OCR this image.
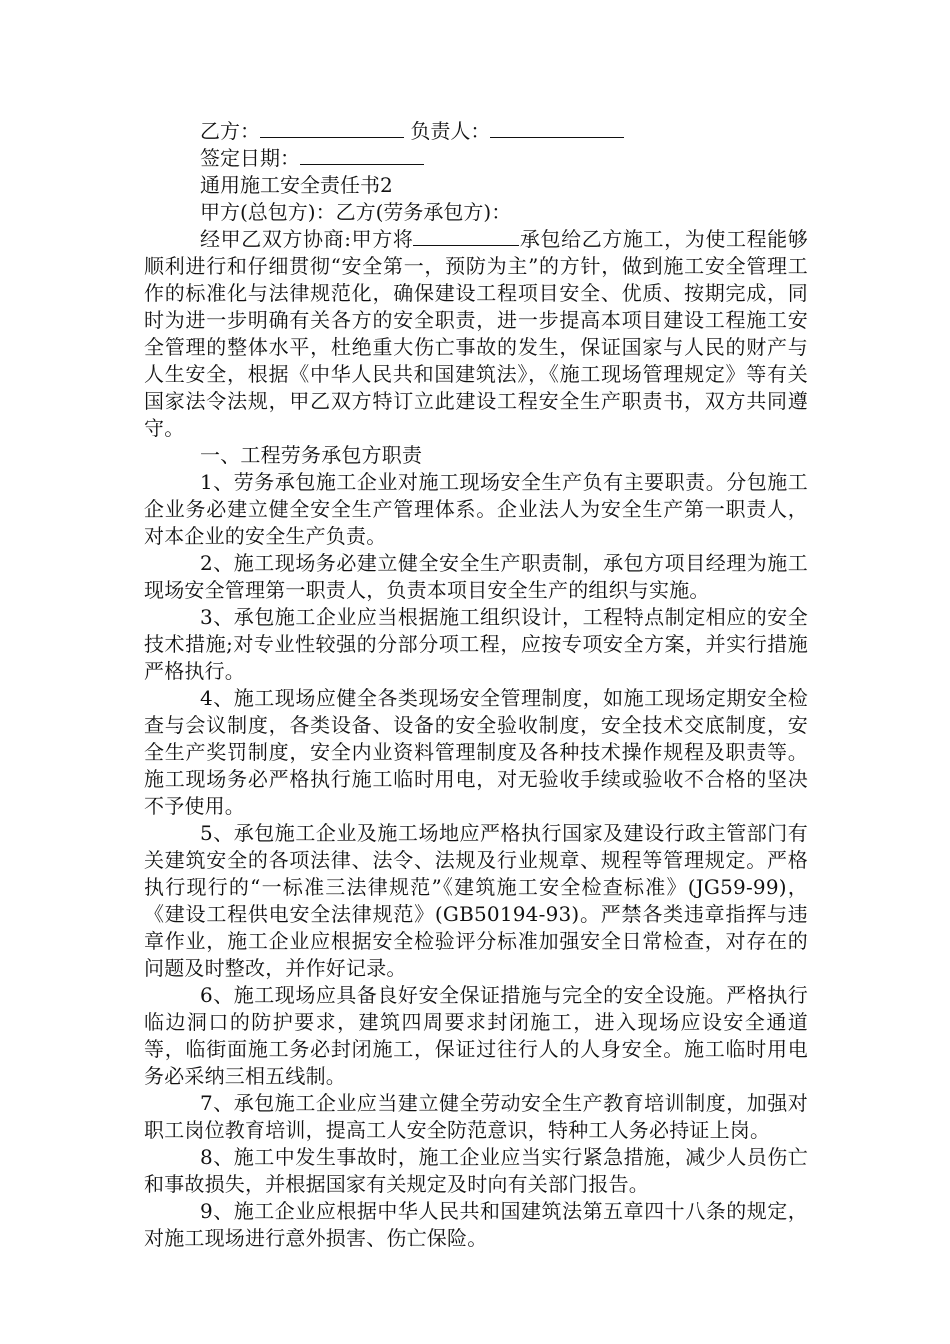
乙方：	负责人：
签定日期：
通用施工安全责任书2
甲方(总包方)：乙方(劳务承包方)：

经甲乙双方协商:甲方将	承包给乙方施工，为使工程能够顺利进行和仔细贯彻“安全第一，预防为主”的方针，做到施工安全管理工作的标准化与法律规范化，确保建设工程项目安全、优质、按期完成，同时为进一步明确有关各方的安全职责，进一步提高本项目建设工程施工安全管理的整体水平，杜绝重大伤亡事故的发生，保证国家与人民的财产与人生安全，根据《中华人民共和国建筑法》，《施工现场管理规定》等有关国家法令法规，甲乙双方特订立此建设工程安全生产职责书，双方共同遵守。

一、工程劳务承包方职责

1、劳务承包施工企业对施工现场安全生产负有主要职责。分包施工企业务必建立健全安全生产管理体系。企业法人为安全生产第一职责人，对本企业的安全生产负责。

2、施工现场务必建立健全安全生产职责制，承包方项目经理为施工现场安全管理第一职责人，负责本项目安全生产的组织与实施。

3、承包施工企业应当根据施工组织设计，工程特点制定相应的安全技术措施;对专业性较强的分部分项工程，应按专项安全方案，并实行措施严格执行。

4、施工现场应健全各类现场安全管理制度，如施工现场定期安全检查与会议制度，各类设备、设备的安全验收制度，安全技术交底制度，安全生产奖罚制度，安全内业资料管理制度及各种技术操作规程及职责等。施工现场务必严格执行施工临时用电，对无验收手续或验收不合格的坚决不予使用。

5、承包施工企业及施工场地应严格执行国家及建设行政主管部门有关建筑安全的各项法律、法令、法规及行业规章、规程等管理规定。严格执行现行的“一标准三法律规范”《建筑施工安全检查标准》(JG59-99)，《建设工程供电安全法律规范》(GB50194-93)。严禁各类违章指挥与违章作业，施工企业应根据安全检验评分标准加强安全日常检查，对存在的问题及时整改，并作好记录。

6、施工现场应具备良好安全保证措施与完全的安全设施。严格执行临边洞口的防护要求，建筑四周要求封闭施工，进入现场应设安全通道等，临街面施工务必封闭施工，保证过往行人的人身安全。施工临时用电务必采纳三相五线制。

7、承包施工企业应当建立健全劳动安全生产教育培训制度，加强对职工岗位教育培训，提高工人安全防范意识，特种工人务必持证上岗。

8、施工中发生事故时，施工企业应当实行紧急措施，减少人员伤亡和事故损失，并根据国家有关规定及时向有关部门报告。

9、施工企业应根据中华人民共和国建筑法第五章四十八条的规定，对施工现场进行意外损害、伤亡保险。
